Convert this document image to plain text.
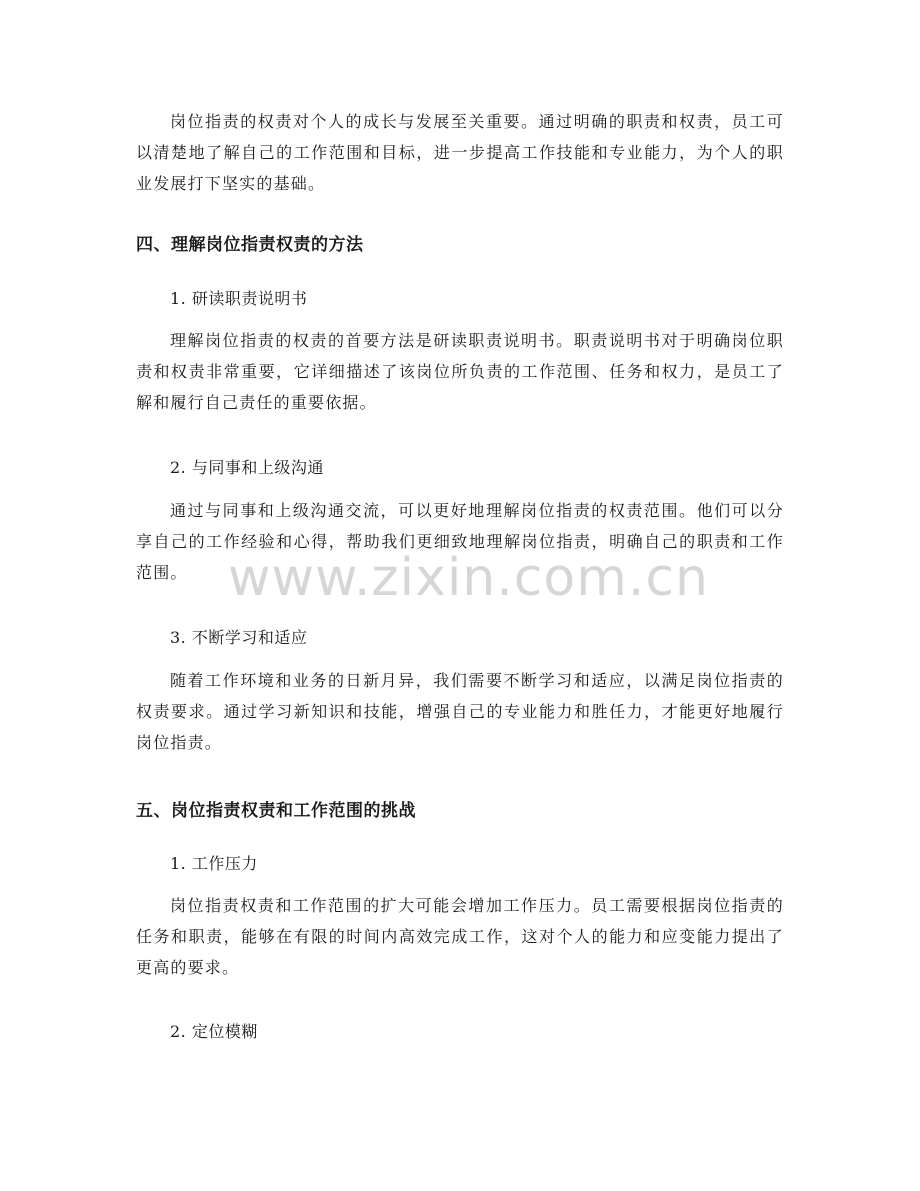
岗位指责的权责对个人的成长与发展至关重要。通过明确的职责和权责，员工可以清楚地了解自己的工作范围和目标，进一步提高工作技能和专业能力，为个人的职业发展打下坚实的基础。

四、理解岗位指责权责的方法

1. 研读职责说明书

理解岗位指责的权责的首要方法是研读职责说明书。职责说明书对于明确岗位职责和权责非常重要，它详细描述了该岗位所负责的工作范围、任务和权力，是员工了解和履行自己责任的重要依据。

2. 与同事和上级沟通

通过与同事和上级沟通交流，可以更好地理解岗位指责的权责范围。他们可以分享自己的工作经验和心得，帮助我们更细致地理解岗位指责，明确自己的职责和工作范围。

3. 不断学习和适应

随着工作环境和业务的日新月异，我们需要不断学习和适应，以满足岗位指责的权责要求。通过学习新知识和技能，增强自己的专业能力和胜任力，才能更好地履行岗位指责。

五、岗位指责权责和工作范围的挑战

1. 工作压力

岗位指责权责和工作范围的扩大可能会增加工作压力。员工需要根据岗位指责的任务和职责，能够在有限的时间内高效完成工作，这对个人的能力和应变能力提出了更高的要求。

2. 定位模糊

www.zixin.com.cn
